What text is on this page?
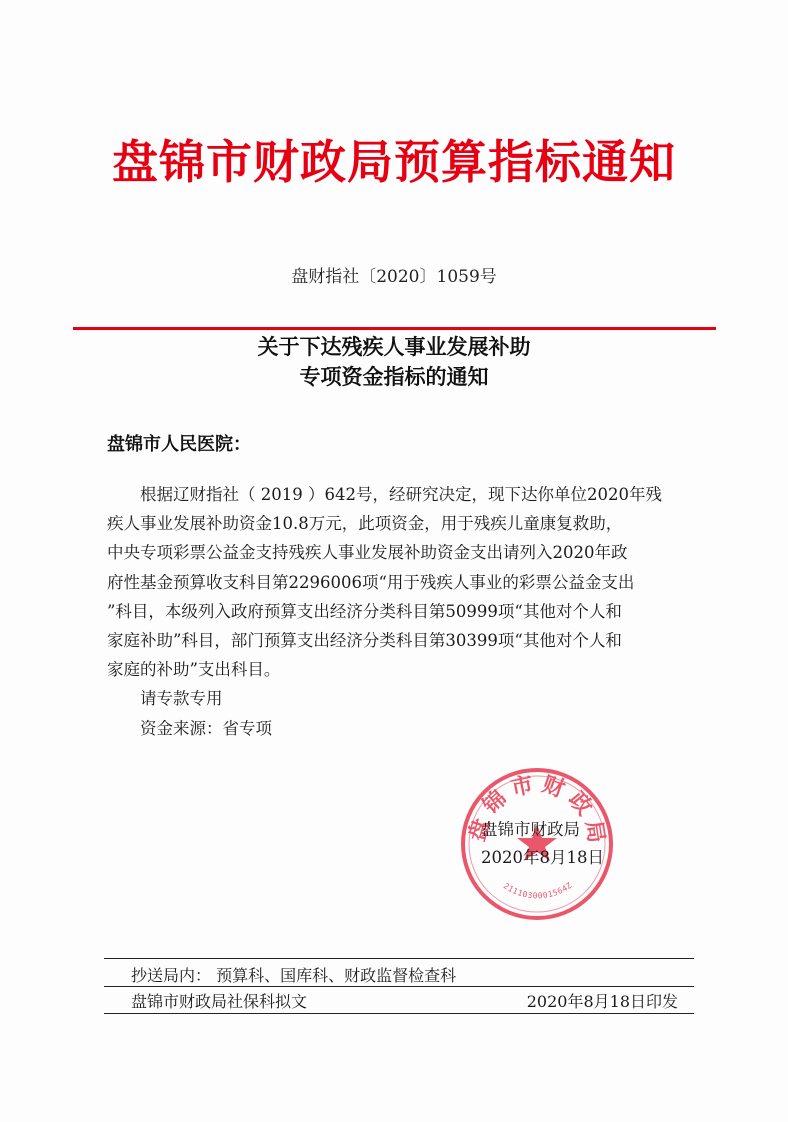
盘锦市财政局预算指标通知
盘财指社〔2020〕1059号
关于下达残疾人事业发展补助
专项资金指标的通知
盘锦市人民医院：

根据辽财指社（ 2019 ）642号，经研究决定，现下达你单位2020年残

疾人事业发展补助资金10.8万元，此项资金，用于残疾儿童康复救助，

中央专项彩票公益金支持残疾人事业发展补助资金支出请列入2020年政

府性基金预算收支科目第2296006项“用于残疾人事业的彩票公益金支出

”科目，本级列入政府预算支出经济分类科目第50999项“其他对个人和

家庭补助”科目，部门预算支出经济分类科目第30399项“其他对个人和

家庭的补助”支出科目。

请专款专用

资金来源：省专项

盘锦市财政局
2111030001564Z
盘锦市财政局
2020年8月18日
抄送局内： 预算科、国库科、财政监督检查科
盘锦市财政局社保科拟文	2020年8月18日印发
